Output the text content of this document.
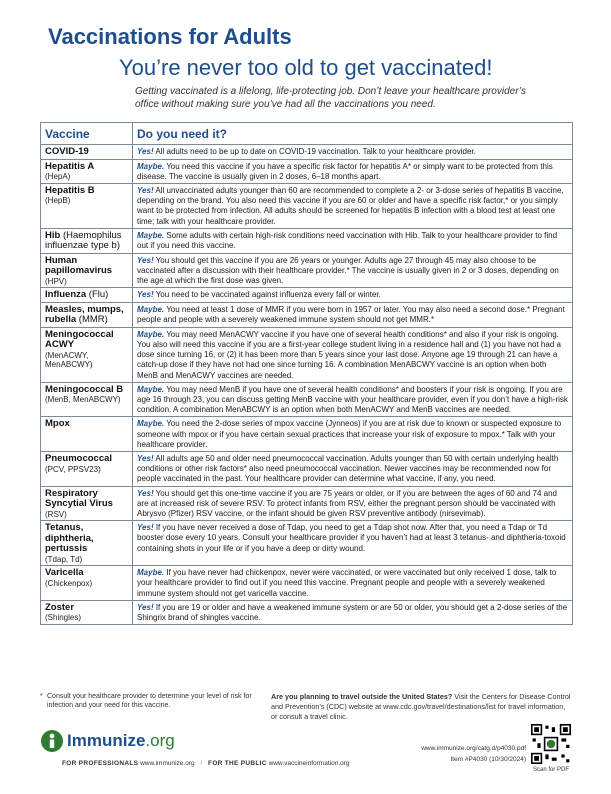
Vaccinations for Adults
You’re never too old to get vaccinated!
Getting vaccinated is a lifelong, life-protecting job. Don’t leave your healthcare provider’s
office without making sure you’ve had all the vaccinations you need.
Vaccine	Do you need it?

COVID-19	Yes! All adults need to be up to date on COVID-19 vaccination. Talk to your healthcare provider.

Hepatitis A
(HepA)	Maybe. You need this vaccine if you have a specific risk factor for hepatitis A* or simply want to be protected from this disease. The vaccine is usually given in 2 doses, 6–18 months apart.

Hepatitis B
(HepB)	Yes! All unvaccinated adults younger than 60 are recommended to complete a 2- or 3-dose series of hepatitis B vaccine, depending on the brand. You also need this vaccine if you are 60 or older and have a specific risk factor,* or you simply want to be protected from infection. All adults should be screened for hepatitis B infection with a blood test at least one time; talk with your healthcare provider.

Hib (Haemophilus influenzae type b)	Maybe. Some adults with certain high-risk conditions need vaccination with Hib. Talk to your healthcare provider to find out if you need this vaccine.

Human papillomavirus
(HPV)	Yes! You should get this vaccine if you are 26 years or younger. Adults age 27 through 45 may also choose to be vaccinated after a discussion with their healthcare provider.* The vaccine is usually given in 2 or 3 doses, depending on the age at which the first dose was given.

Influenza (Flu)	Yes! You need to be vaccinated against influenza every fall or winter.

Measles, mumps, rubella (MMR)	Maybe. You need at least 1 dose of MMR if you were born in 1957 or later. You may also need a second dose.* Pregnant people and people with a severely weakened immune system should not get MMR.*

Meningococcal ACWY
(MenACWY, MenABCWY)	Maybe. You may need MenACWY vaccine if you have one of several health conditions* and also if your risk is ongoing. You also will need this vaccine if you are a first-year college student living in a residence hall and (1) you have not had a dose since turning 16, or (2) it has been more than 5 years since your last dose. Anyone age 19 through 21 can have a catch-up dose if they have not had one since turning 16. A combination MenABCWY vaccine is an option when both MenB and MenACWY vaccines are needed.

Meningococcal B
(MenB, MenABCWY)	Maybe. You may need MenB if you have one of several health conditions* and boosters if your risk is ongoing. If you are age 16 through 23, you can discuss getting MenB vaccine with your healthcare provider, even if you don’t have a high-risk condition. A combination MenABCWY is an option when both MenACWY and MenB vaccines are needed.

Mpox	Maybe. You need the 2-dose series of mpox vaccine (Jynneos) if you are at risk due to known or suspected exposure to someone with mpox or if you have certain sexual practices that increase your risk of exposure to mpox.* Talk with your healthcare provider.

Pneumococcal
(PCV, PPSV23)	Yes! All adults age 50 and older need pneumococcal vaccination. Adults younger than 50 with certain underlying health conditions or other risk factors* also need pneumococcal vaccination. Newer vaccines may be recommended now for people vaccinated in the past. Your healthcare provider can determine what vaccine, if any, you need.

Respiratory Syncytial Virus
(RSV)	Yes! You should get this one-time vaccine if you are 75 years or older, or if you are between the ages of 60 and 74 and are at increased risk of severe RSV. To protect infants from RSV, either the pregnant person should be vaccinated with Abrysvo (Pfizer) RSV vaccine, or the infant should be given RSV preventive antibody (nirsevimab).

Tetanus, diphtheria, pertussis
(Tdap, Td)	Yes! If you have never received a dose of Tdap, you need to get a Tdap shot now. After that, you need a Tdap or Td booster dose every 10 years. Consult your healthcare provider if you haven’t had at least 3 tetanus- and diphtheria-toxoid containing shots in your life or if you have a deep or dirty wound.

Varicella
(Chickenpox)	Maybe. If you have never had chickenpox, never were vaccinated, or were vaccinated but only received 1 dose, talk to your healthcare provider to find out if you need this vaccine. Pregnant people and people with a severely weakened immune system should not get varicella vaccine.

Zoster
(Shingles)	Yes! If you are 19 or older and have a weakened immune system or are 50 or older, you should get a 2-dose series of the Shingrix brand of shingles vaccine.
* Consult your healthcare provider to determine your level of risk for infection and your need for this vaccine.
Are you planning to travel outside the United States? Visit the Centers for Disease Control and Prevention’s (CDC) website at www.cdc.gov/travel/destinations/list for travel information, or consult a travel clinic.
Immunize.org
FOR PROFESSIONALS www.immunize.org / FOR THE PUBLIC www.vaccineinformation.org
www.immunize.org/catg.d/p4030.pdf
Item #P4030 (10/30/2024)
Scan for PDF
